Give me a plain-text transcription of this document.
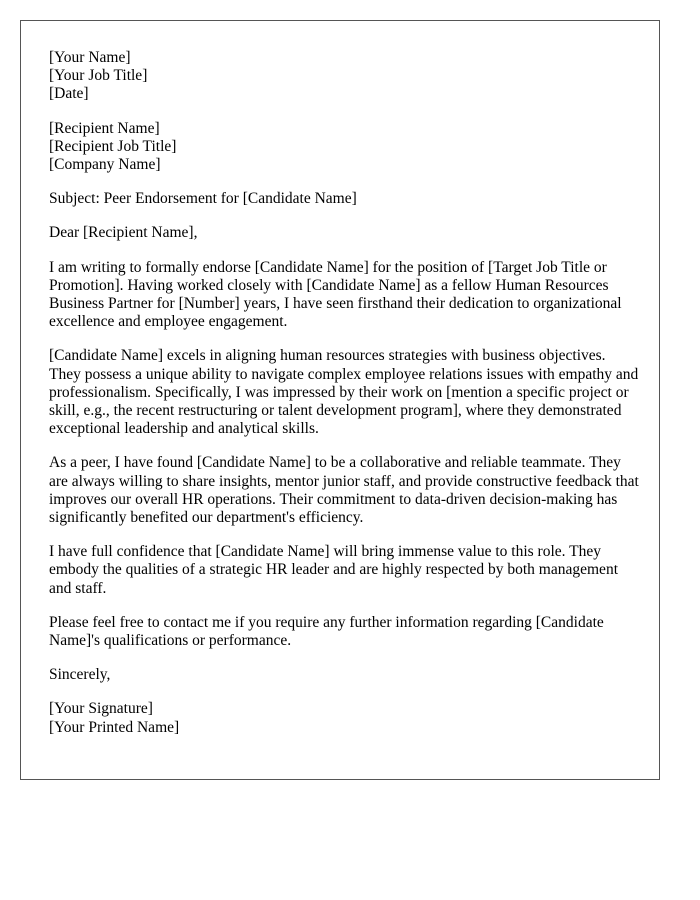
[Your Name]
[Your Job Title]
[Date]
[Recipient Name]
[Recipient Job Title]
[Company Name]

Subject: Peer Endorsement for [Candidate Name]

Dear [Recipient Name],

I am writing to formally endorse [Candidate Name] for the position of [Target Job Title or Promotion]. Having worked closely with [Candidate Name] as a fellow Human Resources Business Partner for [Number] years, I have seen firsthand their dedication to organizational excellence and employee engagement.

[Candidate Name] excels in aligning human resources strategies with business objectives. They possess a unique ability to navigate complex employee relations issues with empathy and professionalism. Specifically, I was impressed by their work on [mention a specific project or skill, e.g., the recent restructuring or talent development program], where they demonstrated exceptional leadership and analytical skills.

As a peer, I have found [Candidate Name] to be a collaborative and reliable teammate. They are always willing to share insights, mentor junior staff, and provide constructive feedback that improves our overall HR operations. Their commitment to data-driven decision-making has significantly benefited our department's efficiency.

I have full confidence that [Candidate Name] will bring immense value to this role. They embody the qualities of a strategic HR leader and are highly respected by both management and staff.

Please feel free to contact me if you require any further information regarding [Candidate Name]'s qualifications or performance.

Sincerely,

[Your Signature]
[Your Printed Name]
